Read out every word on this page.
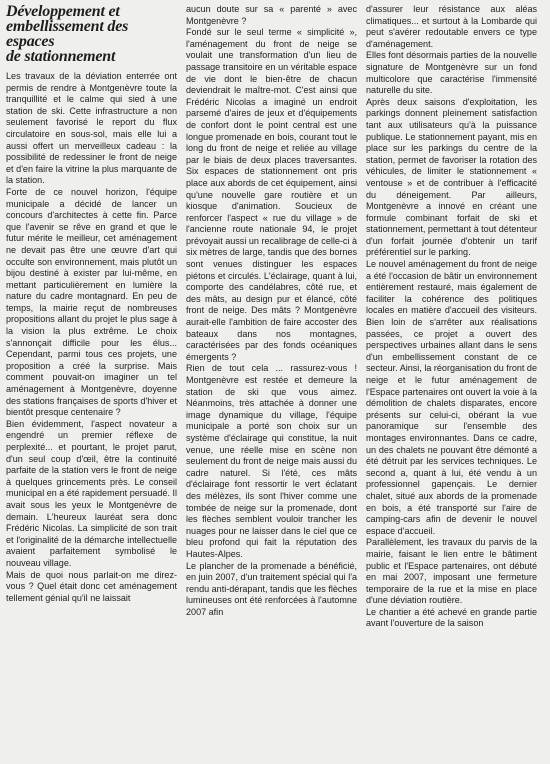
Développement et
embellissement des
espaces
de stationnement

Les travaux de la déviation enterrée ont permis de rendre à Montgenèvre toute la tranquillité et le calme qui sied à une station de ski. Cette infrastructure a non seulement favorisé le report du flux circulatoire en sous-sol, mais elle lui a aussi offert un merveilleux cadeau : la possibilité de redessiner le front de neige et d'en faire la vitrine la plus marquante de la station.

Forte de ce nouvel horizon, l'équipe municipale a décidé de lancer un concours d'architectes à cette fin. Parce que l'avenir se rêve en grand et que le futur mérite le meilleur, cet aménagement ne devait pas être une œuvre d'art qui occulte son environnement, mais plutôt un bijou destiné à exister par lui-même, en mettant particulièrement en lumière la nature du cadre montagnard. En peu de temps, la mairie reçut de nombreuses propositions allant du projet le plus sage à la vision la plus extrême. Le choix s'annonçait difficile pour les élus... Cependant, parmi tous ces projets, une proposition a créé la surprise. Mais comment pouvait-on imaginer un tel aménagement à Montgenèvre, doyenne des stations françaises de sports d'hiver et bientôt presque centenaire ?

Bien évidemment, l'aspect novateur a engendré un premier réflexe de perplexité... et pourtant, le projet parut, d'un seul coup d'œil, être la continuité parfaite de la station vers le front de neige à quelques grincements près. Le conseil municipal en a été rapidement persuadé. Il avait sous les yeux le Montgenèvre de demain. L'heureux lauréat sera donc Frédéric Nicolas. La simplicité de son trait et l'originalité de la démarche intellectuelle avaient parfaitement symbolisé le nouveau village.

Mais de quoi nous parlait-on me direz-vous ? Quel était donc cet aménagement tellement génial qu'il ne laissait

aucun doute sur sa « parenté » avec Montgenèvre ?

Fondé sur le seul terme « simplicité », l'aménagement du front de neige se voulait une transformation d'un lieu de passage transitoire en un véritable espace de vie dont le bien-être de chacun deviendrait le maître-mot. C'est ainsi que Frédéric Nicolas a imaginé un endroit parsemé d'aires de jeux et d'équipements de confort dont le point central est une longue promenade en bois, courant tout le long du front de neige et reliée au village par le biais de deux places traversantes. Six espaces de stationnement ont pris place aux abords de cet équipement, ainsi qu'une nouvelle gare routière et un kiosque d'animation. Soucieux de renforcer l'aspect « rue du village » de l'ancienne route nationale 94, le projet prévoyait aussi un recalibrage de celle-ci à six mètres de large, tandis que des bornes sont venues distinguer les espaces piétons et circulés. L'éclairage, quant à lui, comporte des candélabres, côté rue, et des mâts, au design pur et élancé, côté front de neige. Des mâts ? Montgenèvre aurait-elle l'ambition de faire accoster des bateaux dans nos montagnes, caractérisées par des fonds océaniques émergents ?

Rien de tout cela ... rassurez-vous ! Montgenèvre est restée et demeure la station de ski que vous aimez. Néanmoins, très attachée à donner une image dynamique du village, l'équipe municipale a porté son choix sur un système d'éclairage qui constitue, la nuit venue, une réelle mise en scène non seulement du front de neige mais aussi du cadre naturel. Si l'été, ces mâts d'éclairage font ressortir le vert éclatant des mélèzes, ils sont l'hiver comme une tombée de neige sur la promenade, dont les flèches semblent vouloir trancher les nuages pour ne laisser dans le ciel que ce bleu profond qui fait la réputation des Hautes-Alpes.

Le plancher de la promenade a bénéficié, en juin 2007, d'un traitement spécial qui l'a rendu anti-dérapant, tandis que les flèches lumineuses ont été renforcées à l'automne 2007 afin

d'assurer leur résistance aux aléas climatiques... et surtout à la Lombarde qui peut s'avérer redoutable envers ce type d'aménagement.

Elles font désormais parties de la nouvelle signature de Montgenèvre sur un fond multicolore que caractérise l'immensité naturelle du site.

Après deux saisons d'exploitation, les parkings donnent pleinement satisfaction tant aux utilisateurs qu'à la puissance publique. Le stationnement payant, mis en place sur les parkings du centre de la station, permet de favoriser la rotation des véhicules, de limiter le stationnement « ventouse » et de contribuer à l'efficacité du déneigement. Par ailleurs, Montgenèvre a innové en créant une formule combinant forfait de ski et stationnement, permettant à tout détenteur d'un forfait journée d'obtenir un tarif préférentiel sur le parking.

Le nouvel aménagement du front de neige a été l'occasion de bâtir un environnement entièrement restauré, mais également de faciliter la cohérence des politiques locales en matière d'accueil des visiteurs. Bien loin de s'arrêter aux réalisations passées, ce projet a ouvert des perspectives urbaines allant dans le sens d'un embellissement constant de ce secteur. Ainsi, la réorganisation du front de neige et le futur aménagement de l'Espace partenaires ont ouvert la voie à la démolition de chalets disparates, encore présents sur celui-ci, obérant la vue panoramique sur l'ensemble des montages environnantes. Dans ce cadre, un des chalets ne pouvant être démonté a été détruit par les services techniques. Le second a, quant à lui, été vendu à un professionnel gapençais. Le dernier chalet, situé aux abords de la promenade en bois, a été transporté sur l'aire de camping-cars afin de devenir le nouvel espace d'accueil.

Parallèlement, les travaux du parvis de la mairie, faisant le lien entre le bâtiment public et l'Espace partenaires, ont débuté en mai 2007, imposant une fermeture temporaire de la rue et la mise en place d'une déviation routière.

Le chantier a été achevé en grande partie avant l'ouverture de la saison
